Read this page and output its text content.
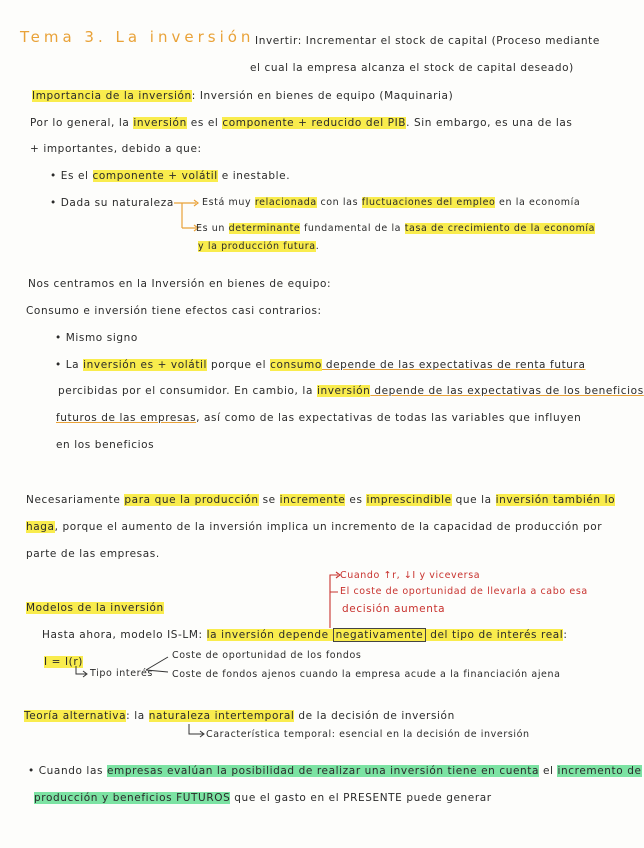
Tema 3. La inversión Invertir: Incrementar el stock de capital (Proceso mediante
el cual la empresa alcanza el stock de capital deseado)
Importancia de la inversión: Inversión en bienes de equipo (Maquinaria)
Por lo general, la inversión es el componente + reducido del PIB. Sin embargo, es una de las
+ importantes, debido a que:
• Es el componente + volátil e inestable.
• Dada su naturaleza	Está muy relacionada con las fluctuaciones del empleo en la economía
Es un determinante fundamental de la tasa de crecimiento de la economía
y la producción futura.
Nos centramos en la Inversión en bienes de equipo:
Consumo e inversión tiene efectos casi contrarios:
• Mismo signo
• La inversión es + volátil porque el consumo depende de las expectativas de renta futura
percibidas por el consumidor. En cambio, la inversión depende de las expectativas de los beneficios
futuros de las empresas, así como de las expectativas de todas las variables que influyen
en los beneficios
Necesariamente para que la producción se incremente es imprescindible que la inversión también lo
haga, porque el aumento de la inversión implica un incremento de la capacidad de producción por
parte de las empresas.
Cuando ↑r, ↓I y viceversa
El coste de oportunidad de llevarla a cabo esa
decisión aumenta
Modelos de la inversión
Hasta ahora, modelo IS-LM: la inversión depende negativamente del tipo de interés real:
I = I(r)
Tipo interés
Coste de oportunidad de los fondos
Coste de fondos ajenos cuando la empresa acude a la financiación ajena
Teoría alternativa: la naturaleza intertemporal de la decisión de inversión
Característica temporal: esencial en la decisión de inversión
• Cuando las empresas evalúan la posibilidad de realizar una inversión tiene en cuenta el incremento de
producción y beneficios FUTUROS que el gasto en el PRESENTE puede generar
